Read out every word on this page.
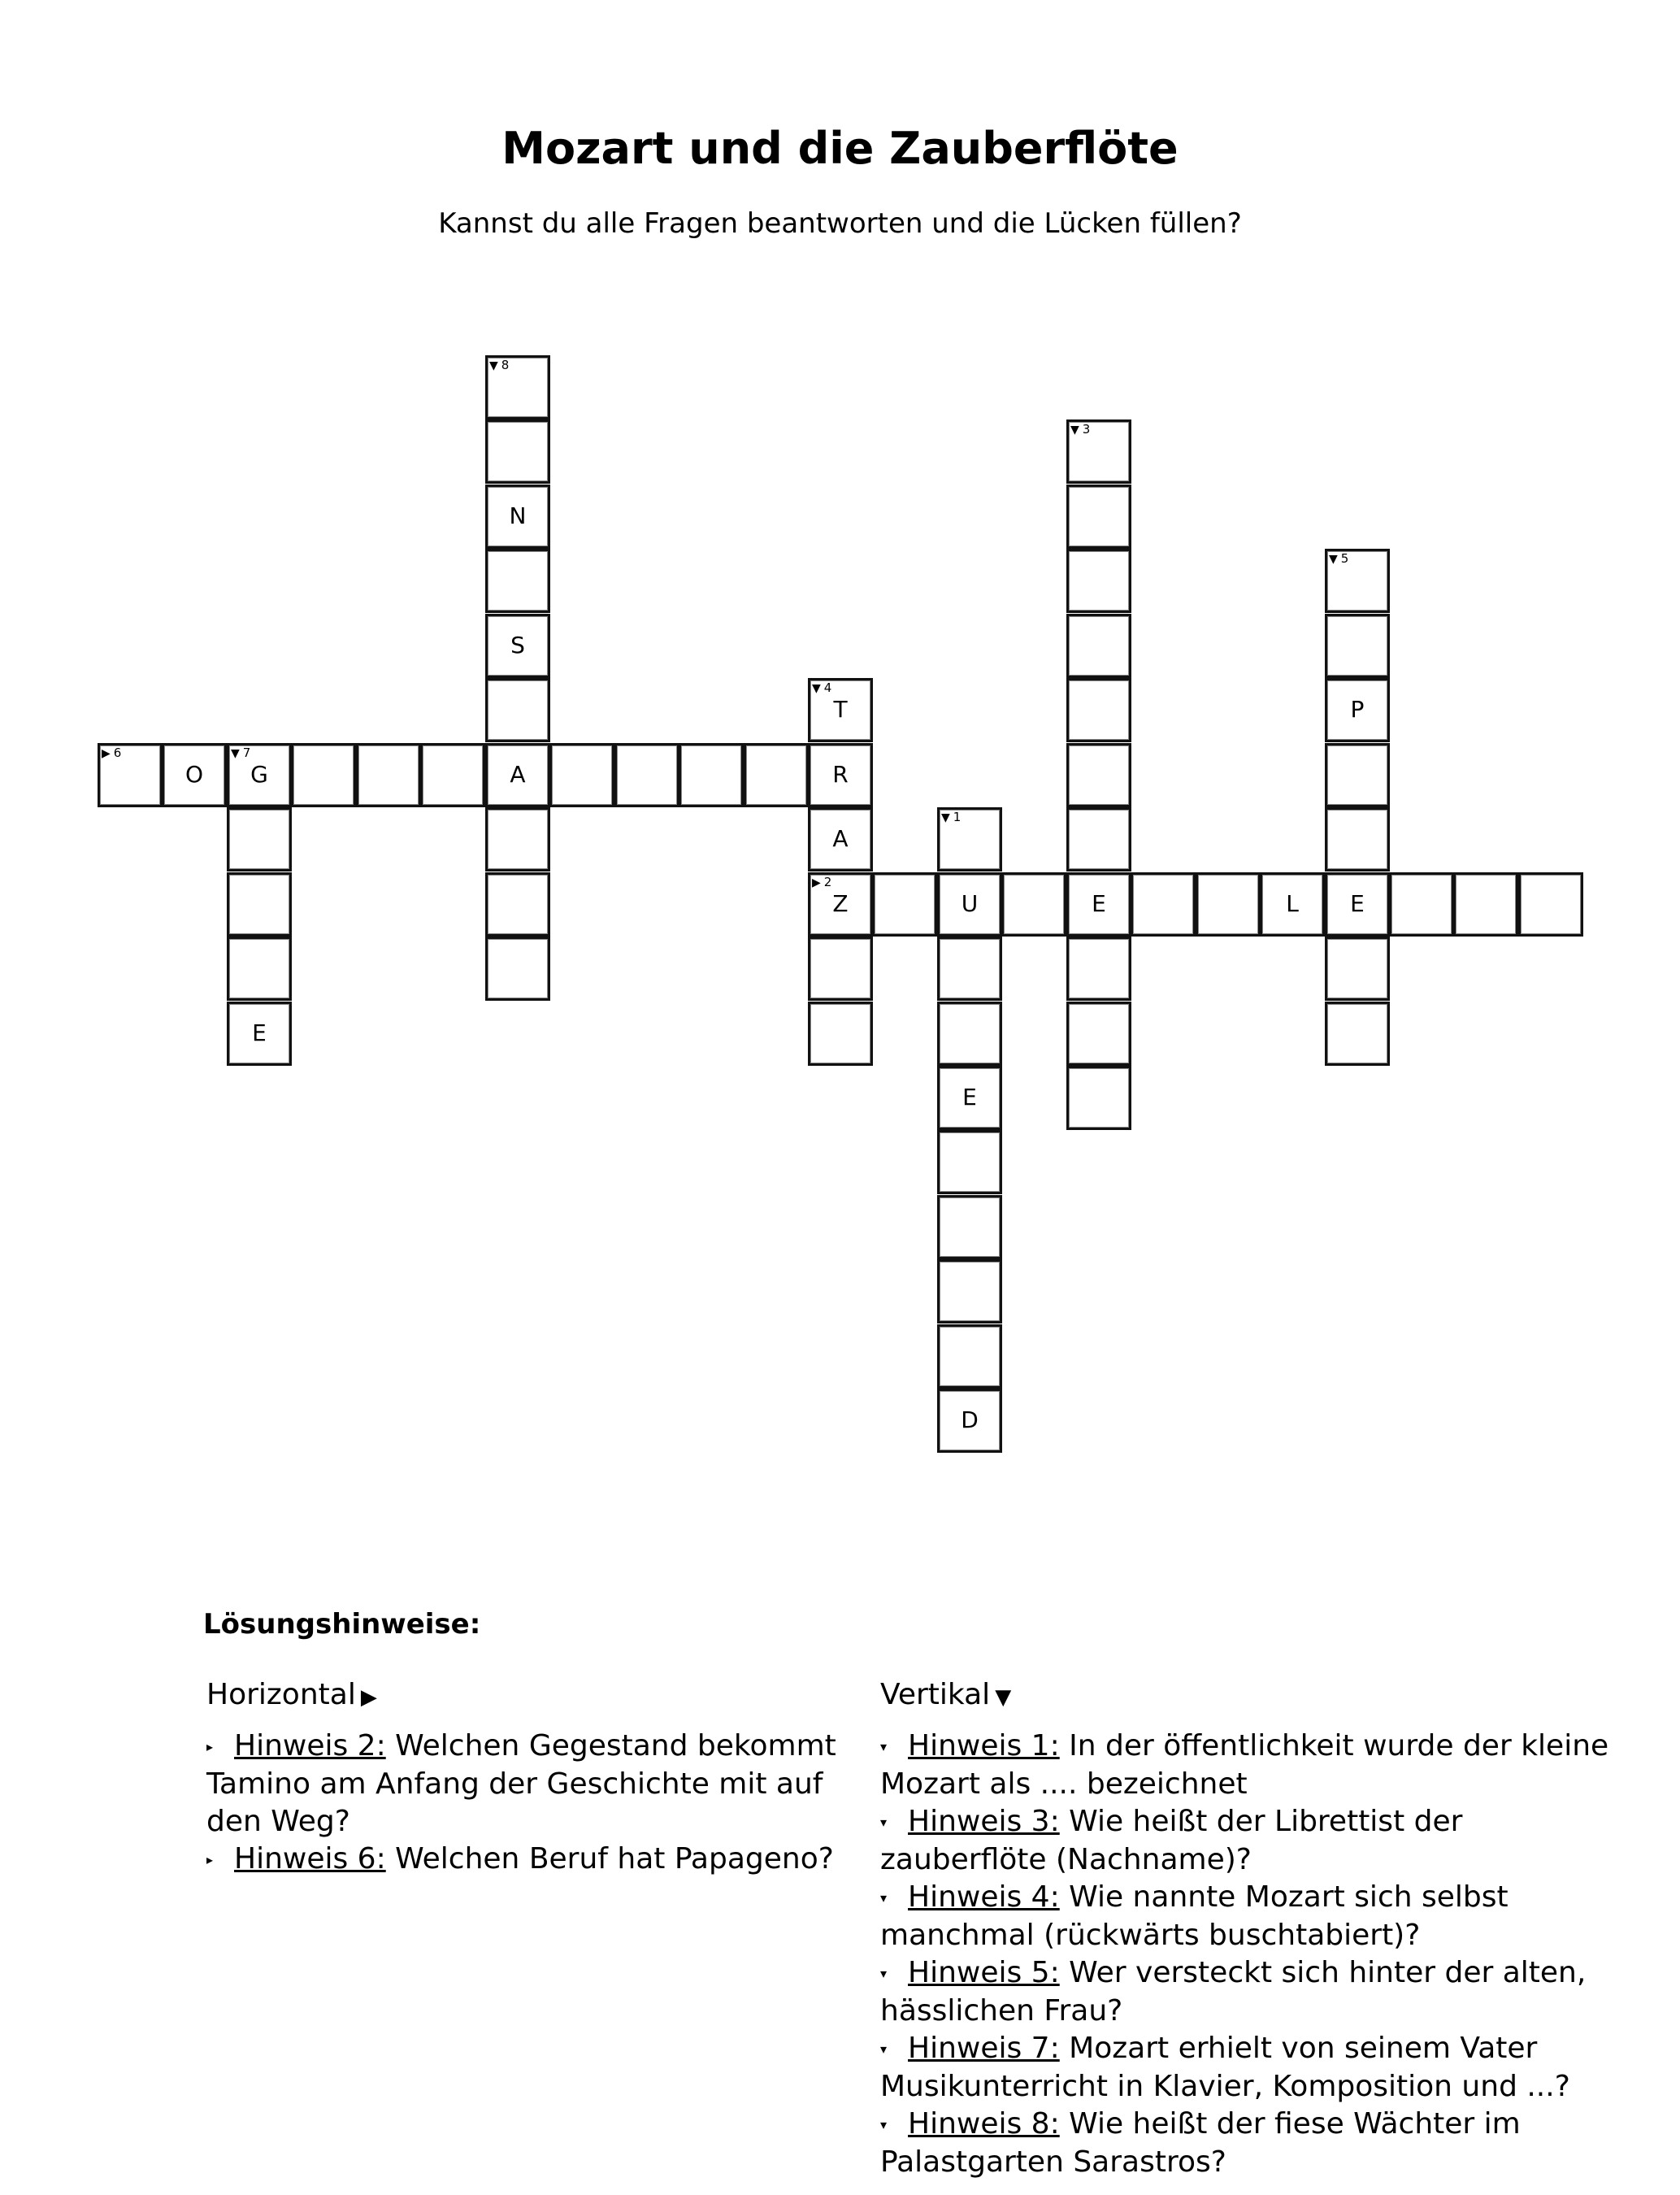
Mozart und die Zauberflöte
Kannst du alle Fragen beantworten und die Lücken füllen?
▼ 8
N
S
A
▶ 6
O
▼ 7
G
E
▼ 4
T
R
A
▶ 2
Z	U	E	L	E
▼ 1
E
D
▼ 3
▼ 5
P
Lösungshinweise:
Horizontal ▶
▸ Hinweis 2: Welchen Gegestand bekommt Tamino am Anfang der Geschichte mit auf den Weg?
▸ Hinweis 6: Welchen Beruf hat Papageno?
Vertikal ▼
▾ Hinweis 1: In der öffentlichkeit wurde der kleine Mozart als .... bezeichnet
▾ Hinweis 3: Wie heißt der Librettist der zauberflöte (Nachname)?
▾ Hinweis 4: Wie nannte Mozart sich selbst manchmal (rückwärts buschtabiert)?
▾ Hinweis 5: Wer versteckt sich hinter der alten, hässlichen Frau?
▾ Hinweis 7: Mozart erhielt von seinem Vater Musikunterricht in Klavier, Komposition und ...?
▾ Hinweis 8: Wie heißt der fiese Wächter im Palastgarten Sarastros?
